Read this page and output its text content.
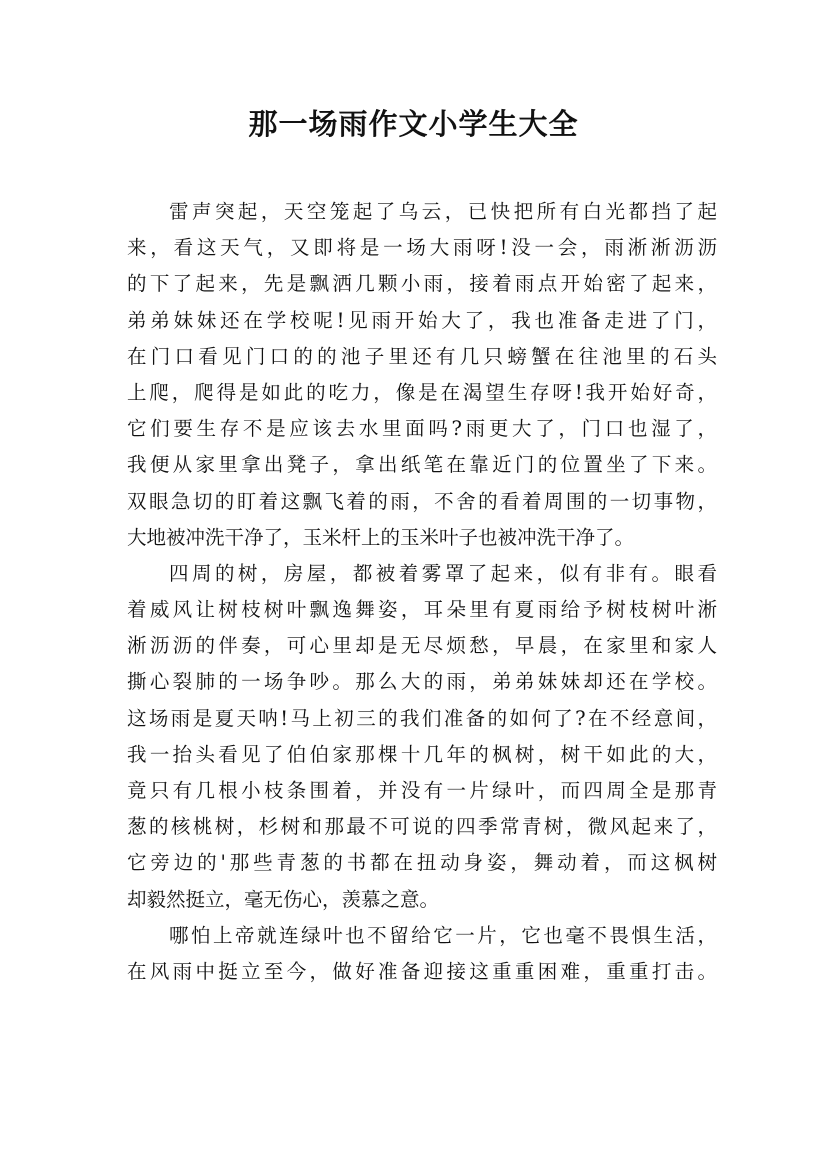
那一场雨作文小学生大全
雷声突起，天空笼起了乌云，已快把所有白光都挡了起
来，看这天气，又即将是一场大雨呀!没一会，雨淅淅沥沥
的下了起来，先是飘洒几颗小雨，接着雨点开始密了起来，
弟弟妹妹还在学校呢!见雨开始大了，我也准备走进了门，
在门口看见门口的的池子里还有几只螃蟹在往池里的石头
上爬，爬得是如此的吃力，像是在渴望生存呀!我开始好奇，
它们要生存不是应该去水里面吗?雨更大了，门口也湿了，
我便从家里拿出凳子，拿出纸笔在靠近门的位置坐了下来。
双眼急切的盯着这飘飞着的雨，不舍的看着周围的一切事物，
大地被冲洗干净了，玉米杆上的玉米叶子也被冲洗干净了。
四周的树，房屋，都被着雾罩了起来，似有非有。眼看
着威风让树枝树叶飘逸舞姿，耳朵里有夏雨给予树枝树叶淅
淅沥沥的伴奏，可心里却是无尽烦愁，早晨，在家里和家人
撕心裂肺的一场争吵。那么大的雨，弟弟妹妹却还在学校。
这场雨是夏天呐!马上初三的我们准备的如何了?在不经意间，
我一抬头看见了伯伯家那棵十几年的枫树，树干如此的大，
竟只有几根小枝条围着，并没有一片绿叶，而四周全是那青
葱的核桃树，杉树和那最不可说的四季常青树，微风起来了，
它旁边的'那些青葱的书都在扭动身姿，舞动着，而这枫树
却毅然挺立，毫无伤心，羡慕之意。
哪怕上帝就连绿叶也不留给它一片，它也毫不畏惧生活，
在风雨中挺立至今，做好准备迎接这重重困难，重重打击。
